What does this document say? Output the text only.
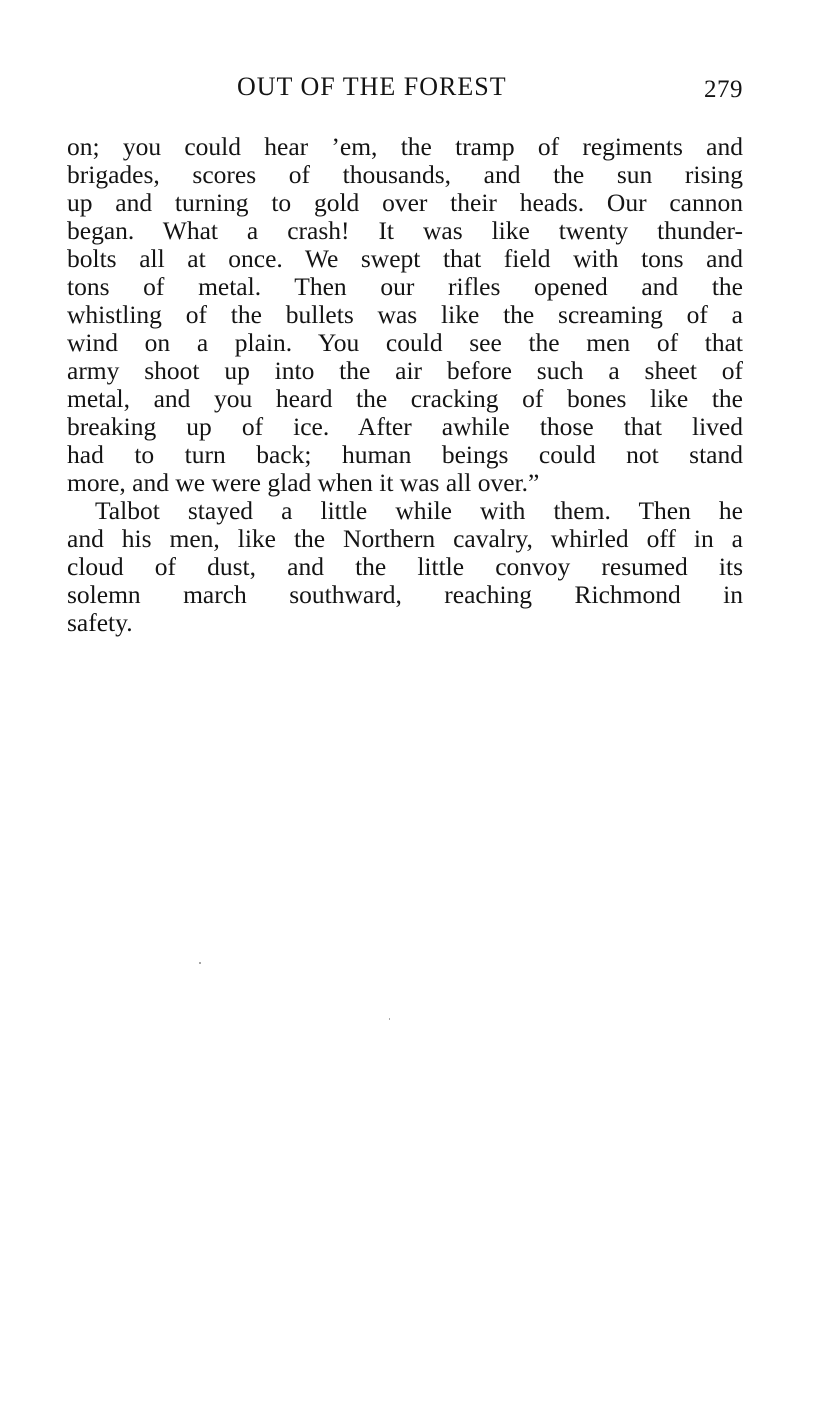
OUT OF THE FOREST	279
on; you could hear ’em, the tramp of regiments and
brigades, scores of thousands, and the sun rising
up and turning to gold over their heads. Our cannon
began. What a crash! It was like twenty thunder-
bolts all at once. We swept that field with tons and
tons of metal. Then our rifles opened and the
whistling of the bullets was like the screaming of a
wind on a plain. You could see the men of that
army shoot up into the air before such a sheet of
metal, and you heard the cracking of bones like the
breaking up of ice. After awhile those that lived
had to turn back; human beings could not stand
more, and we were glad when it was all over.”
Talbot stayed a little while with them. Then he
and his men, like the Northern cavalry, whirled off in a
cloud of dust, and the little convoy resumed its
solemn march southward, reaching Richmond in
safety.
